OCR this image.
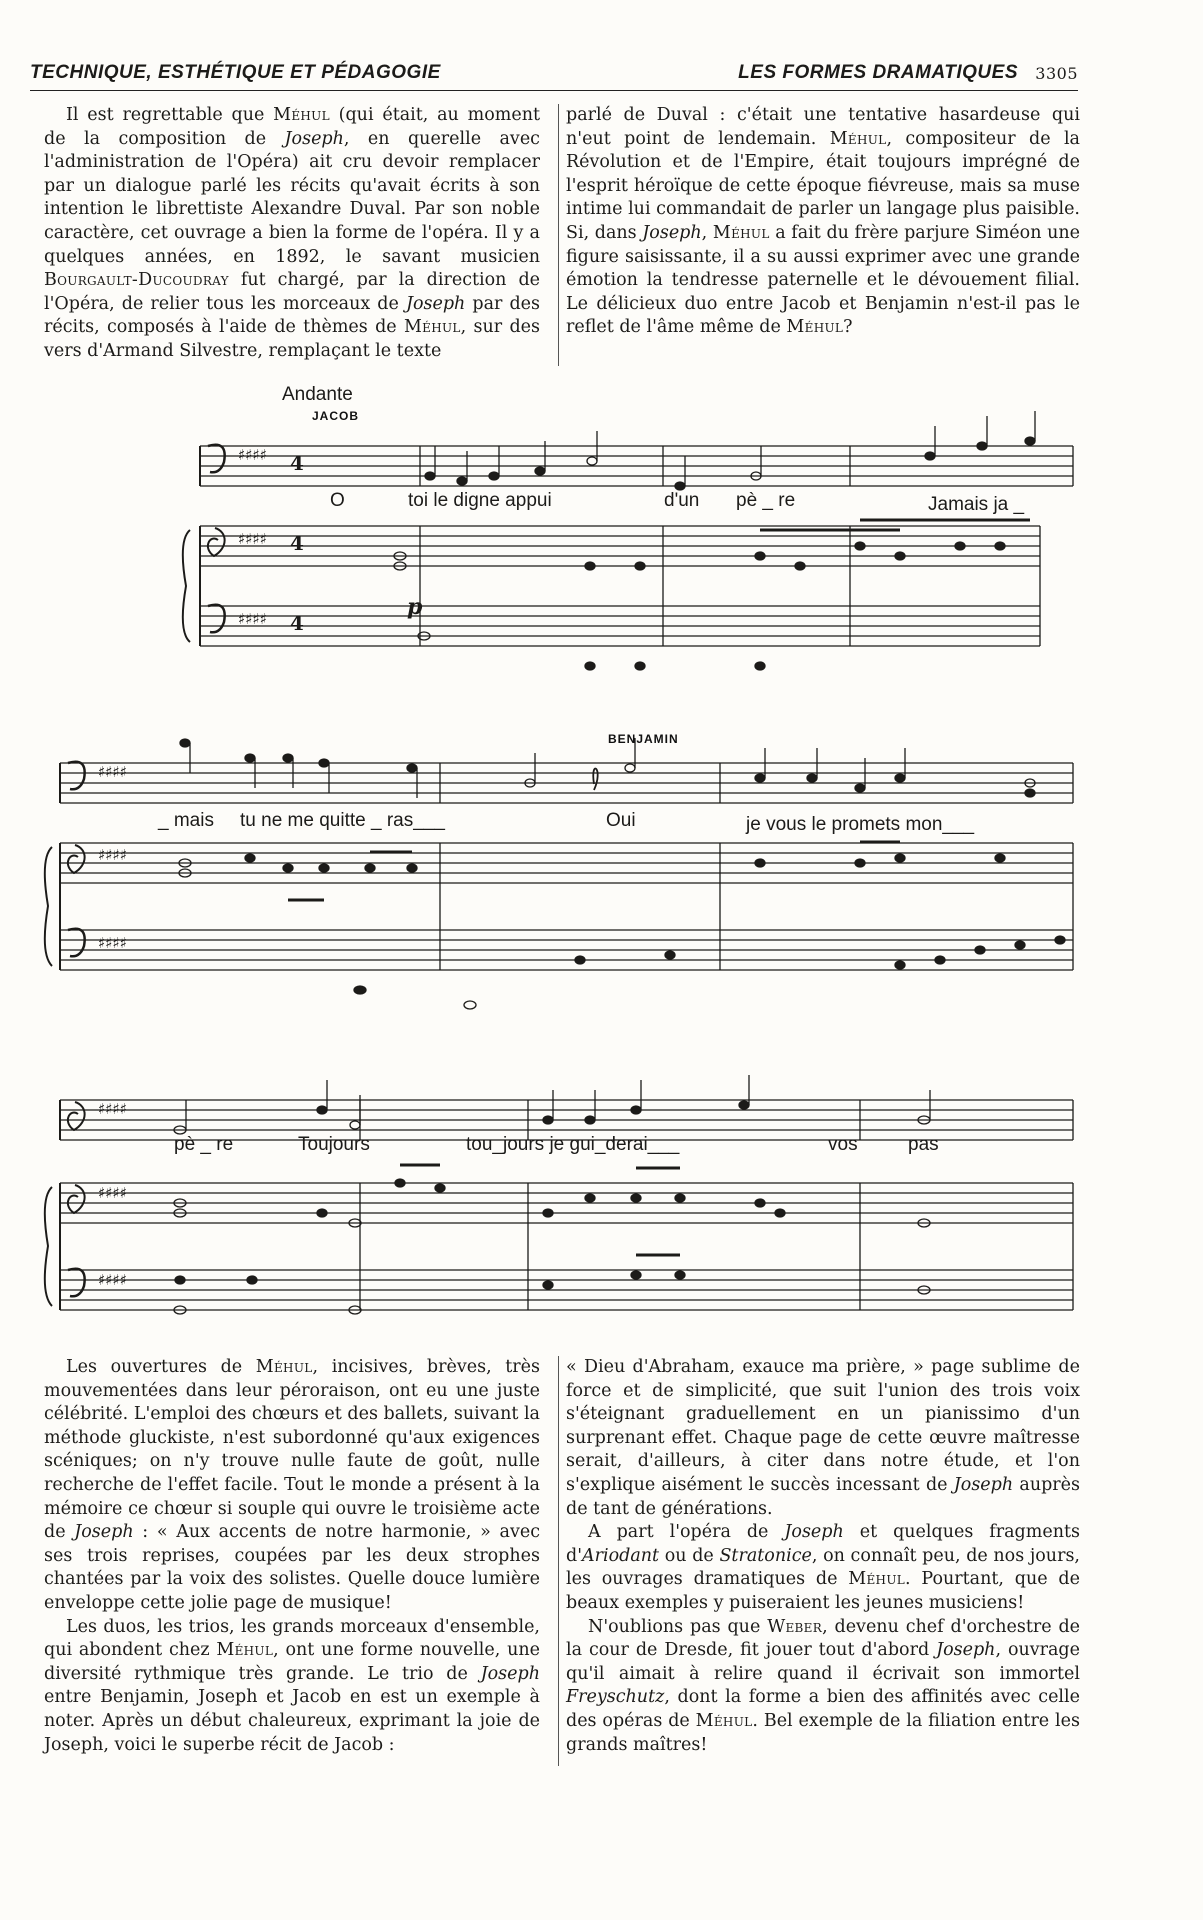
TECHNIQUE, ESTHÉTIQUE ET PÉDAGOGIE	LES FORMES DRAMATIQUES 3305

Il est regrettable que Méhul (qui était, au moment de la composition de Joseph, en querelle avec l'administration de l'Opéra) ait cru devoir remplacer par un dialogue parlé les récits qu'avait écrits à son intention le librettiste Alexandre Duval. Par son noble caractère, cet ouvrage a bien la forme de l'opéra. Il y a quelques années, en 1892, le savant musicien Bourgault-Ducoudray fut chargé, par la direction de l'Opéra, de relier tous les morceaux de Joseph par des récits, composés à l'aide de thèmes de Méhul, sur des vers d'Armand Silvestre, remplaçant le texte

parlé de Duval : c'était une tentative hasardeuse qui n'eut point de lendemain. Méhul, compositeur de la Révolution et de l'Empire, était toujours imprégné de l'esprit héroïque de cette époque fiévreuse, mais sa muse intime lui commandait de parler un langage plus paisible. Si, dans Joseph, Méhul a fait du frère parjure Siméon une figure saisissante, il a su aussi exprimer avec une grande émotion la tendresse paternelle et le dévouement filial. Le délicieux duo entre Jacob et Benjamin n'est-il pas le reflet de l'âme même de Méhul?

♯♯♯♯
♯♯♯♯
♯♯♯♯
♯♯♯♯
♯♯♯♯
♯♯♯♯
♯♯♯♯
♯♯♯♯
♯♯♯♯
4
4
4
Andante
JACOB
BENJAMIN
p
O	toi le digne appui	d'un pè _ re	Jamais ja _
_ mais tu ne me quitte _ ras___	Oui	je vous le promets mon___
pè _ re	Toujours	tou_jours je gui_derai___	vos	pas

Les ouvertures de Méhul, incisives, brèves, très mouvementées dans leur péroraison, ont eu une juste célébrité. L'emploi des chœurs et des ballets, suivant la méthode gluckiste, n'est subordonné qu'aux exigences scéniques; on n'y trouve nulle faute de goût, nulle recherche de l'effet facile. Tout le monde a présent à la mémoire ce chœur si souple qui ouvre le troisième acte de Joseph : « Aux accents de notre harmonie, » avec ses trois reprises, coupées par les deux strophes chantées par la voix des solistes. Quelle douce lumière enveloppe cette jolie page de musique!

Les duos, les trios, les grands morceaux d'ensemble, qui abondent chez Méhul, ont une forme nouvelle, une diversité rythmique très grande. Le trio de Joseph entre Benjamin, Joseph et Jacob en est un exemple à noter. Après un début chaleureux, exprimant la joie de Joseph, voici le superbe récit de Jacob :

« Dieu d'Abraham, exauce ma prière, » page sublime de force et de simplicité, que suit l'union des trois voix s'éteignant graduellement en un pianissimo d'un surprenant effet. Chaque page de cette œuvre maîtresse serait, d'ailleurs, à citer dans notre étude, et l'on s'explique aisément le succès incessant de Joseph auprès de tant de générations.

A part l'opéra de Joseph et quelques fragments d'Ariodant ou de Stratonice, on connaît peu, de nos jours, les ouvrages dramatiques de Méhul. Pourtant, que de beaux exemples y puiseraient les jeunes musiciens!

N'oublions pas que Weber, devenu chef d'orchestre de la cour de Dresde, fit jouer tout d'abord Joseph, ouvrage qu'il aimait à relire quand il écrivait son immortel Freyschutz, dont la forme a bien des affinités avec celle des opéras de Méhul. Bel exemple de la filiation entre les grands maîtres!
